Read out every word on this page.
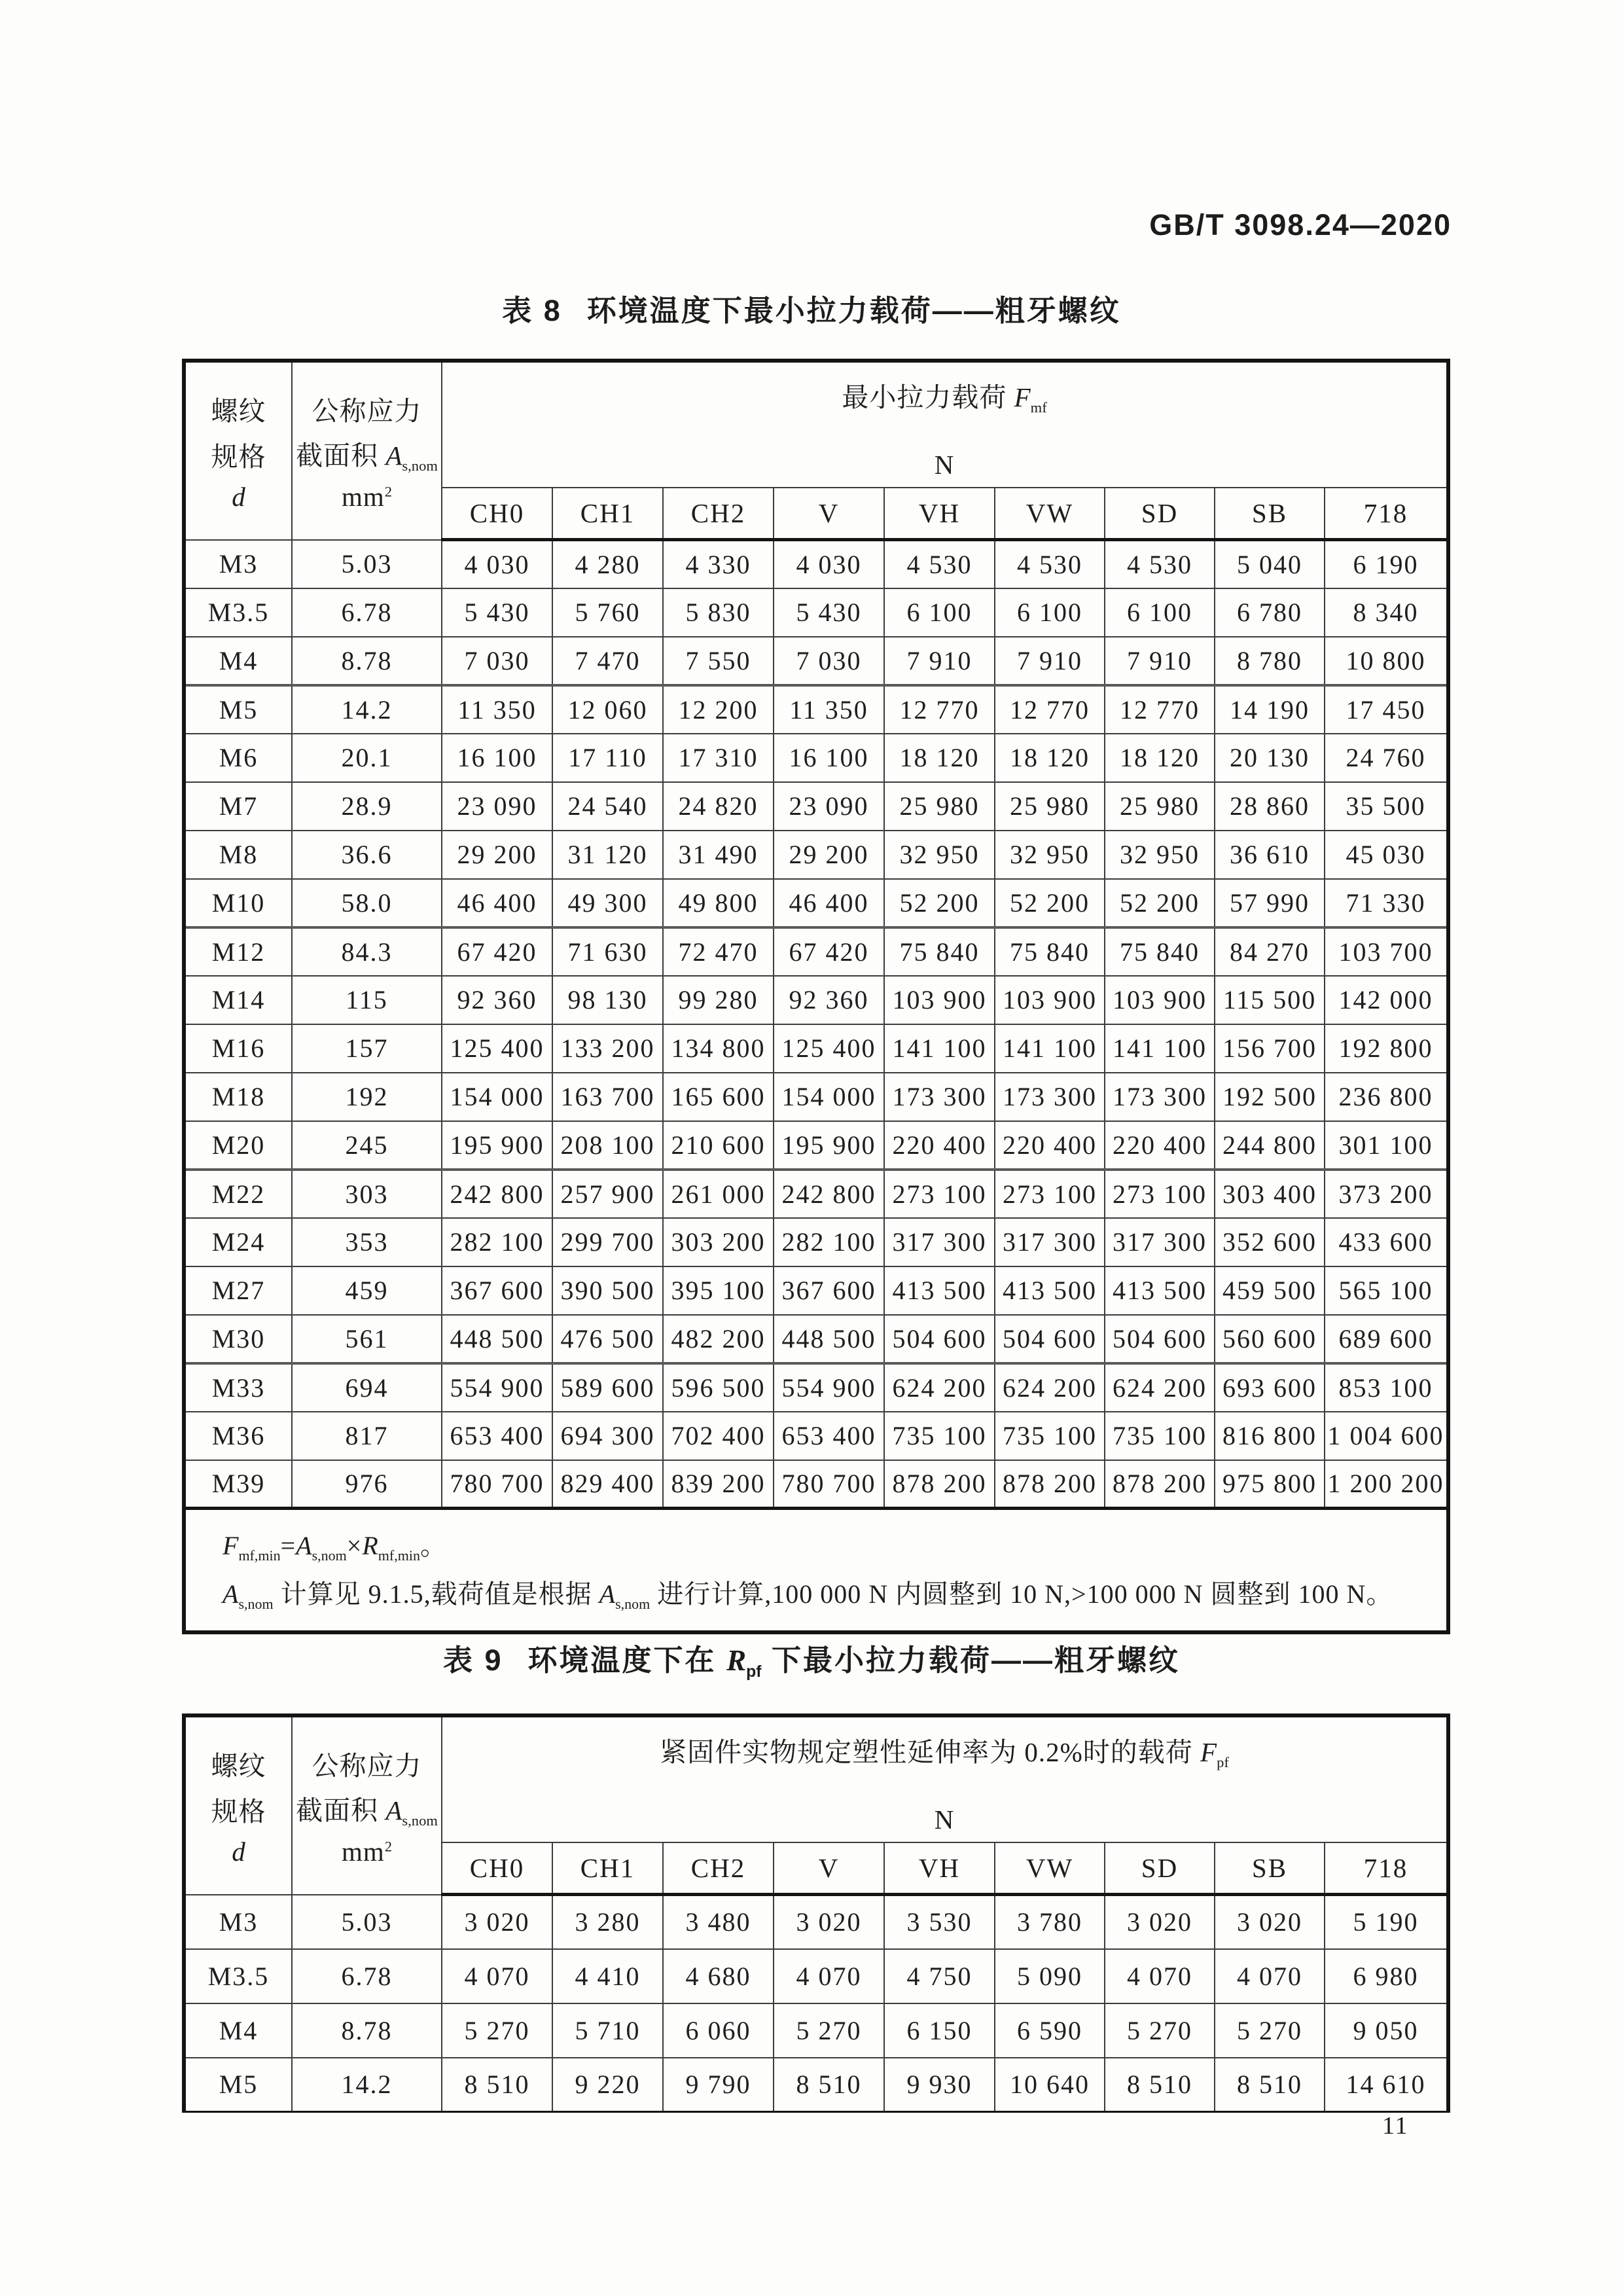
GB/T 3098.24—2020
表 8 环境温度下最小拉力载荷——粗牙螺纹
螺纹
规格
d	公称应力
截面积 $A_{s,nom}$
$mm^2$	最小拉力载荷 $F_{mf}$
N								

		CH0	CH1	CH2	V	VH	VW	SD	SB	718
M3	5.03	4 030	4 280	4 330	4 030	4 530	4 530	4 530	5 040	6 190
M3.5	6.78	5 430	5 760	5 830	5 430	6 100	6 100	6 100	6 780	8 340
M4	8.78	7 030	7 470	7 550	7 030	7 910	7 910	7 910	8 780	10 800
M5	14.2	11 350	12 060	12 200	11 350	12 770	12 770	12 770	14 190	17 450
M6	20.1	16 100	17 110	17 310	16 100	18 120	18 120	18 120	20 130	24 760
M7	28.9	23 090	24 540	24 820	23 090	25 980	25 980	25 980	28 860	35 500
M8	36.6	29 200	31 120	31 490	29 200	32 950	32 950	32 950	36 610	45 030
M10	58.0	46 400	49 300	49 800	46 400	52 200	52 200	52 200	57 990	71 330
M12	84.3	67 420	71 630	72 470	67 420	75 840	75 840	75 840	84 270	103 700
M14	115	92 360	98 130	99 280	92 360	103 900	103 900	103 900	115 500	142 000
M16	157	125 400	133 200	134 800	125 400	141 100	141 100	141 100	156 700	192 800
M18	192	154 000	163 700	165 600	154 000	173 300	173 300	173 300	192 500	236 800
M20	245	195 900	208 100	210 600	195 900	220 400	220 400	220 400	244 800	301 100
M22	303	242 800	257 900	261 000	242 800	273 100	273 100	273 100	303 400	373 200
M24	353	282 100	299 700	303 200	282 100	317 300	317 300	317 300	352 600	433 600
M27	459	367 600	390 500	395 100	367 600	413 500	413 500	413 500	459 500	565 100
M30	561	448 500	476 500	482 200	448 500	504 600	504 600	504 600	560 600	689 600
M33	694	554 900	589 600	596 500	554 900	624 200	624 200	624 200	693 600	853 100
M36	817	653 400	694 300	702 400	653 400	735 100	735 100	735 100	816 800	1 004 600
M39	976	780 700	829 400	839 200	780 700	878 200	878 200	878 200	975 800	1 200 200

$F_{mf,min}=A_{s,nom}\times R_{mf,min}$。
$A_{s,nom}$ 计算见 9.1.5,载荷值是根据 $A_{s,nom}$ 进行计算,100 000 N 内圆整到 10 N,>100 000 N 圆整到 100 N。										
表 9 环境温度下在 $R_{pf}$ 下最小拉力载荷——粗牙螺纹
螺纹
规格
d	公称应力
截面积 $A_{s,nom}$
$mm^2$	紧固件实物规定塑性延伸率为 0.2%时的载荷 $F_{pf}$
N								

		CH0	CH1	CH2	V	VH	VW	SD	SB	718
M3	5.03	3 020	3 280	3 480	3 020	3 530	3 780	3 020	3 020	5 190
M3.5	6.78	4 070	4 410	4 680	4 070	4 750	5 090	4 070	4 070	6 980
M4	8.78	5 270	5 710	6 060	5 270	6 150	6 590	5 270	5 270	9 050
M5	14.2	8 510	9 220	9 790	8 510	9 930	10 640	8 510	8 510	14 610
11
